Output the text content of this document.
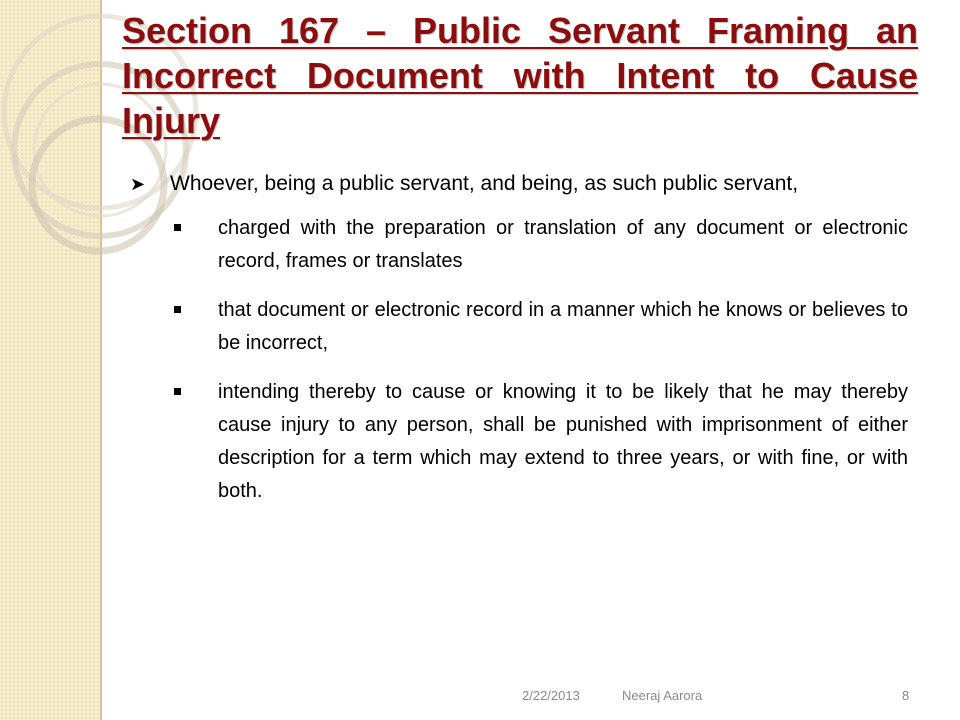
Section 167 – Public Servant Framing an Incorrect Document with Intent to Cause Injury
➤ Whoever, being a public servant, and being, as such public servant,
charged with the preparation or translation of any document or electronic record, frames or translates
that document or electronic record in a manner which he knows or believes to be incorrect,
intending thereby to cause or knowing it to be likely that he may thereby cause injury to any person, shall be punished with imprisonment of either description for a term which may extend to three years, or with fine, or with both.
2/22/2013	Neeraj Aarora	8
